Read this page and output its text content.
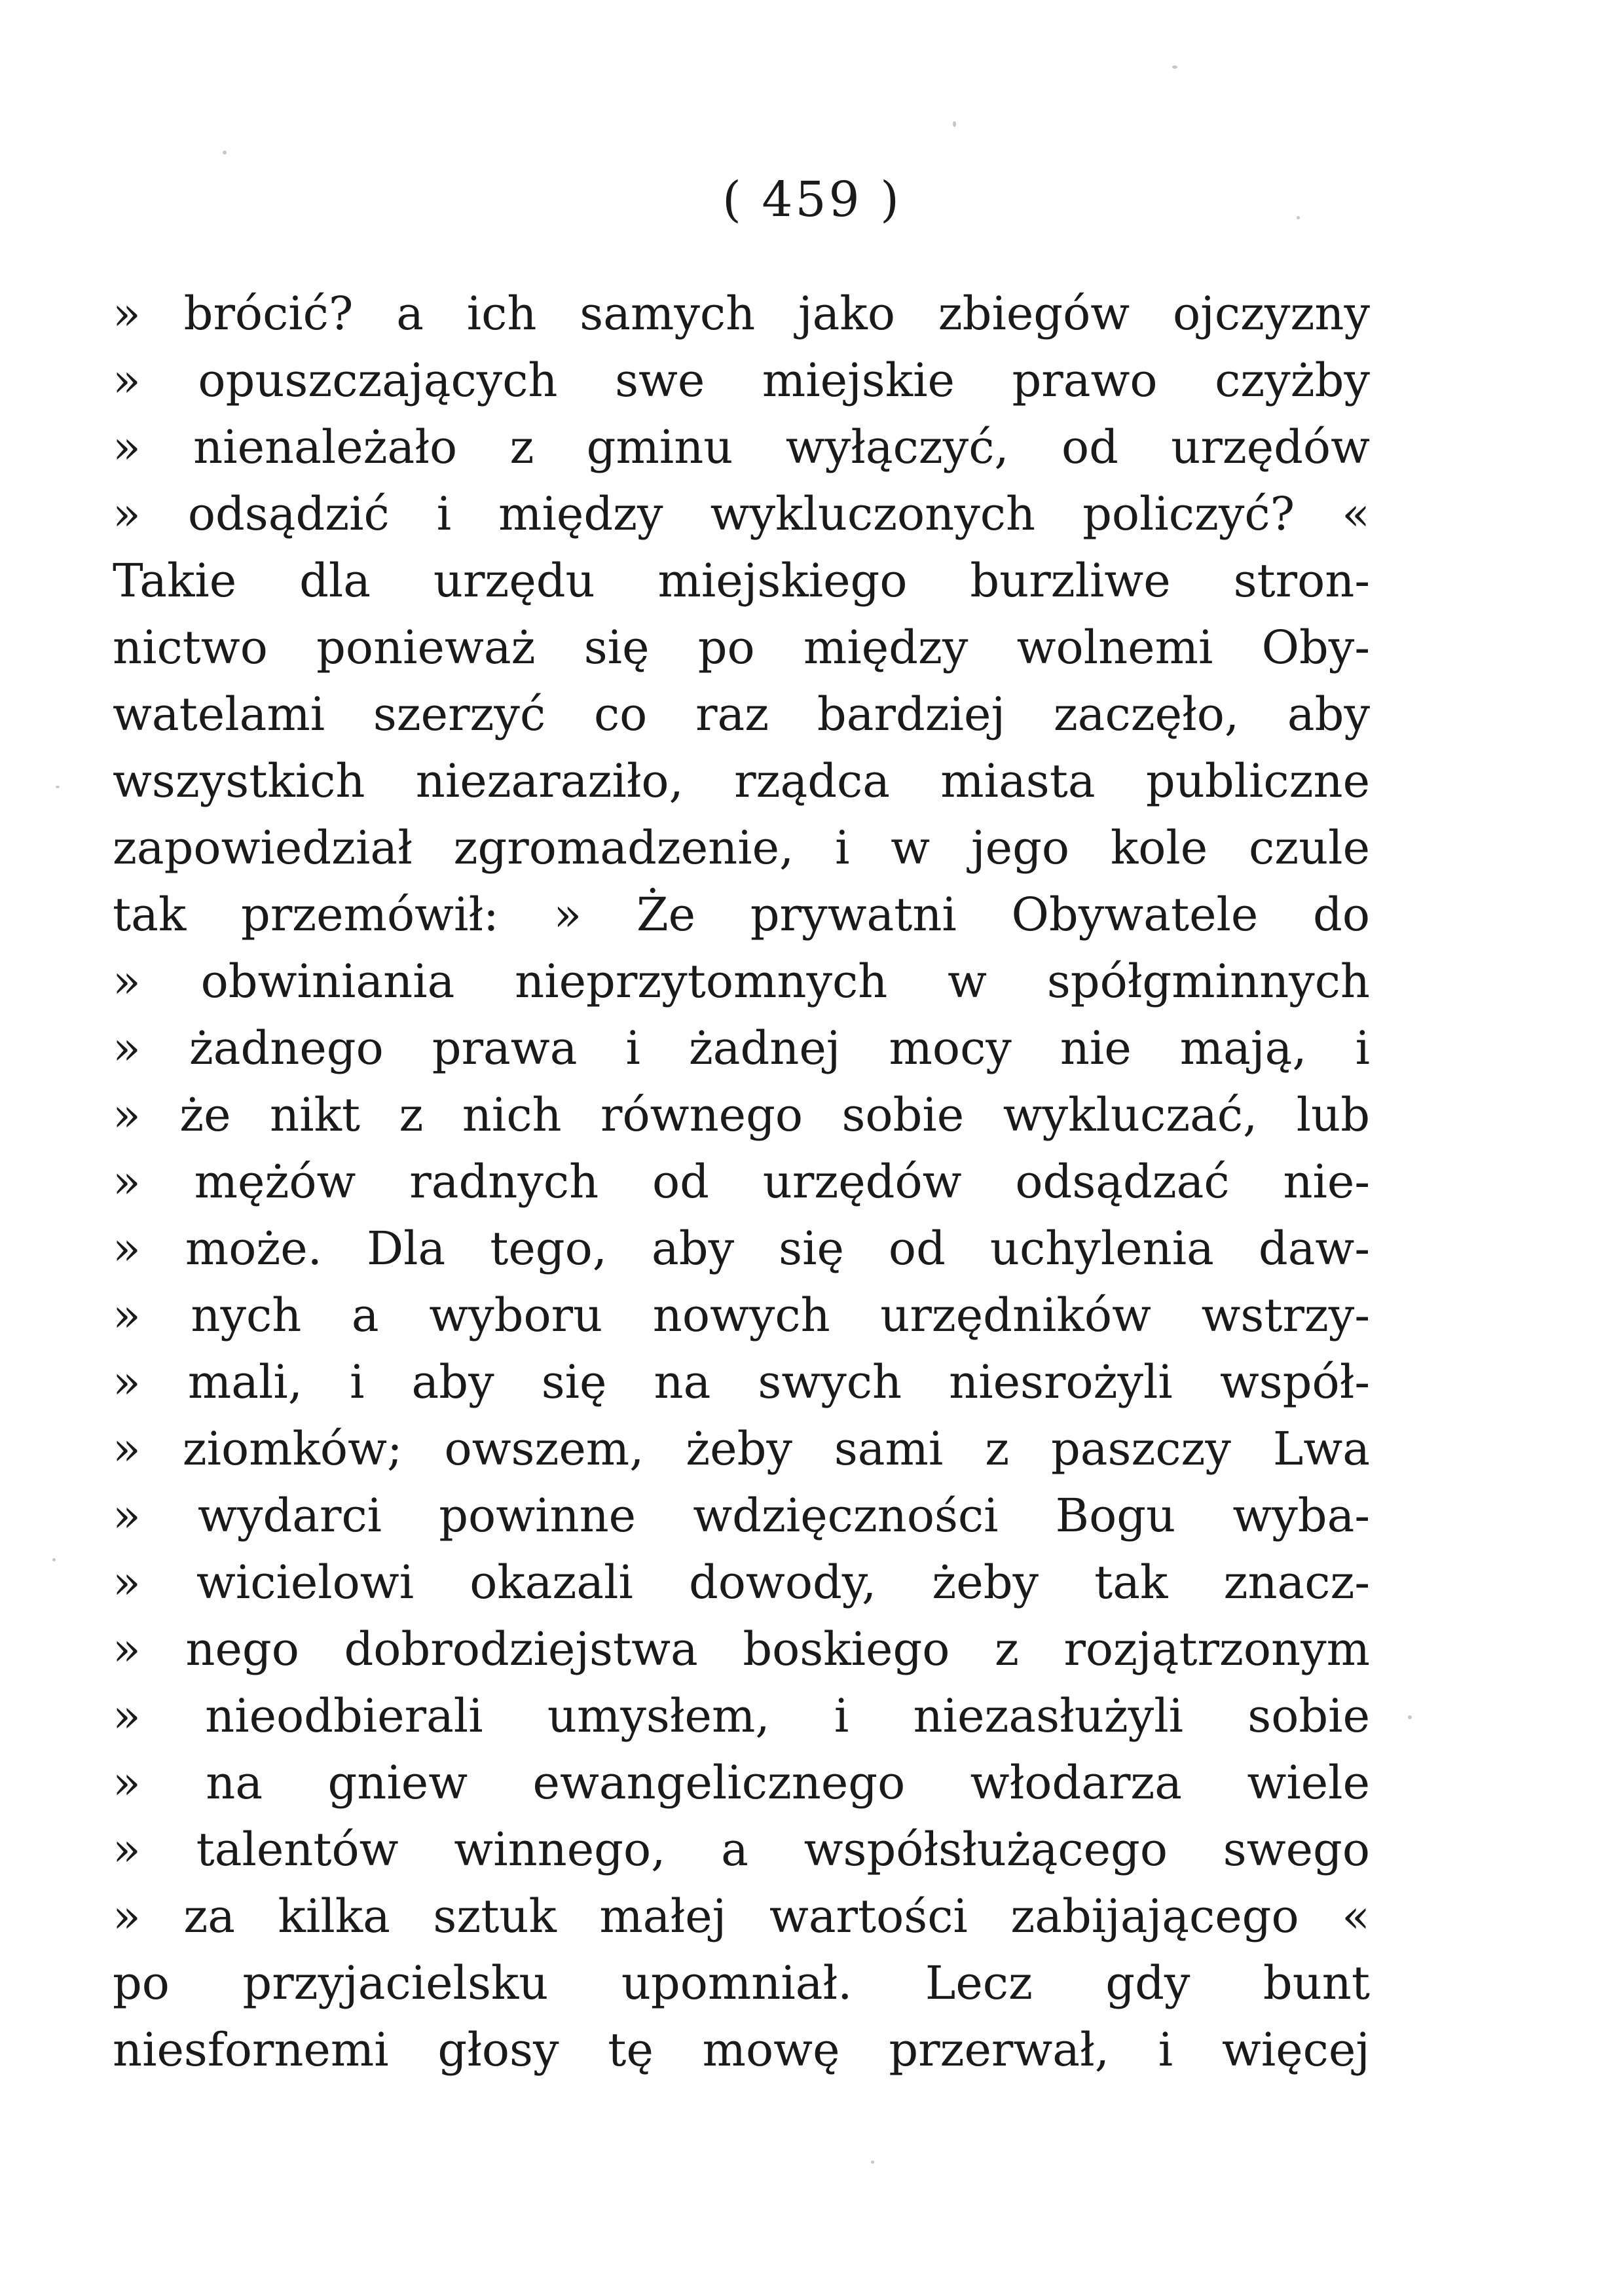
( 459 )
» brócić? a ich samych jako zbiegów ojczyzny
» opuszczających swe miejskie prawo czyżby
» nienależało z gminu wyłączyć, od urzędów
» odsądzić i między wykluczonych policzyć? «
Takie dla urzędu miejskiego burzliwe stron-
nictwo ponieważ się po między wolnemi Oby-
watelami szerzyć co raz bardziej zaczęło, aby
wszystkich niezaraziło, rządca miasta publiczne
zapowiedział zgromadzenie, i w jego kole czule
tak przemówił: » Że prywatni Obywatele do
» obwiniania nieprzytomnych w spółgminnych
» żadnego prawa i żadnej mocy nie mają, i
» że nikt z nich równego sobie wykluczać, lub
» mężów radnych od urzędów odsądzać nie-
» może. Dla tego, aby się od uchylenia daw-
» nych a wyboru nowych urzędników wstrzy-
» mali, i aby się na swych niesrożyli współ-
» ziomków; owszem, żeby sami z paszczy Lwa
» wydarci powinne wdzięczności Bogu wyba-
» wicielowi okazali dowody, żeby tak znacz-
» nego dobrodziejstwa boskiego z rozjątrzonym
» nieodbierali umysłem, i niezasłużyli sobie
» na gniew ewangelicznego włodarza wiele
» talentów winnego, a współsłużącego swego
» za kilka sztuk małej wartości zabijającego «
po przyjacielsku upomniał. Lecz gdy bunt
niesfornemi głosy tę mowę przerwał, i więcej
